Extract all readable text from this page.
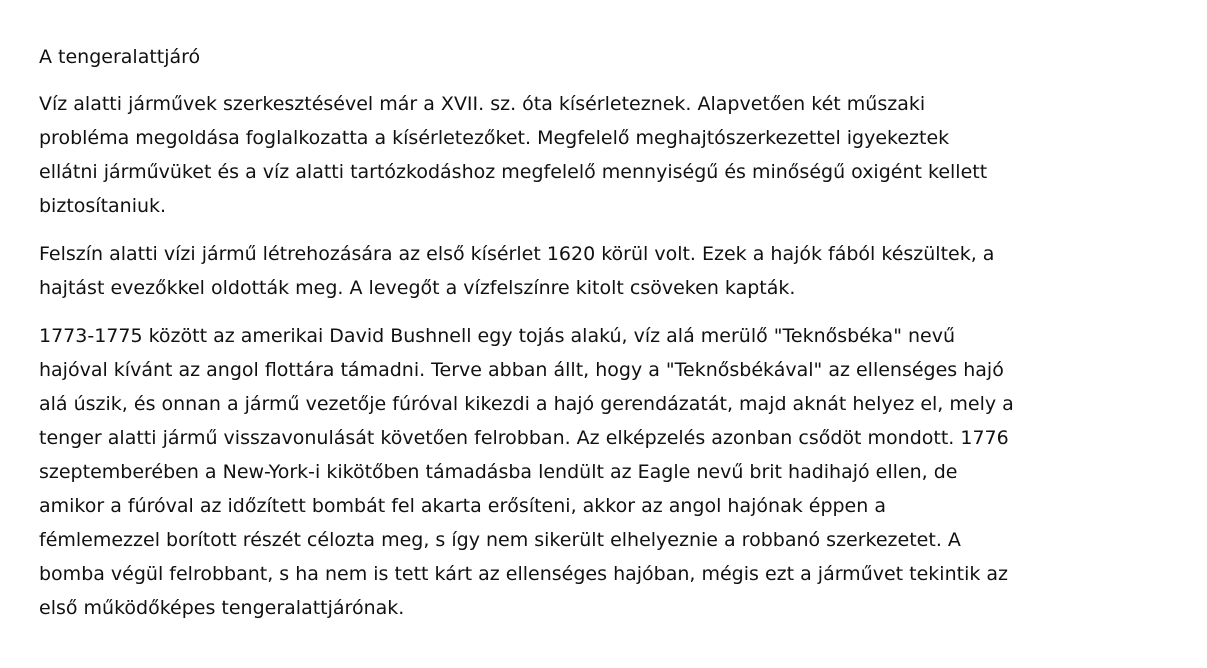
A tengeralattjáró
Víz alatti járművek szerkesztésével már a XVII. sz. óta kísérleteznek. Alapvetően két műszaki
probléma megoldása foglalkozatta a kísérletezőket. Megfelelő meghajtószerkezettel igyekeztek
ellátni járművüket és a víz alatti tartózkodáshoz megfelelő mennyiségű és minőségű oxigént kellett
biztosítaniuk.
Felszín alatti vízi jármű létrehozására az első kísérlet 1620 körül volt. Ezek a hajók fából készültek, a
hajtást evezőkkel oldották meg. A levegőt a vízfelszínre kitolt csöveken kapták.
1773-1775 között az amerikai David Bushnell egy tojás alakú, víz alá merülő "Teknősbéka" nevű
hajóval kívánt az angol flottára támadni. Terve abban állt, hogy a "Teknősbékával" az ellenséges hajó
alá úszik, és onnan a jármű vezetője fúróval kikezdi a hajó gerendázatát, majd aknát helyez el, mely a
tenger alatti jármű visszavonulását követően felrobban. Az elképzelés azonban csődöt mondott. 1776
szeptemberében a New-York-i kikötőben támadásba lendült az Eagle nevű brit hadihajó ellen, de
amikor a fúróval az időzített bombát fel akarta erősíteni, akkor az angol hajónak éppen a
fémlemezzel borított részét célozta meg, s így nem sikerült elhelyeznie a robbanó szerkezetet. A
bomba végül felrobbant, s ha nem is tett kárt az ellenséges hajóban, mégis ezt a járművet tekintik az
első működőképes tengeralattjárónak.
